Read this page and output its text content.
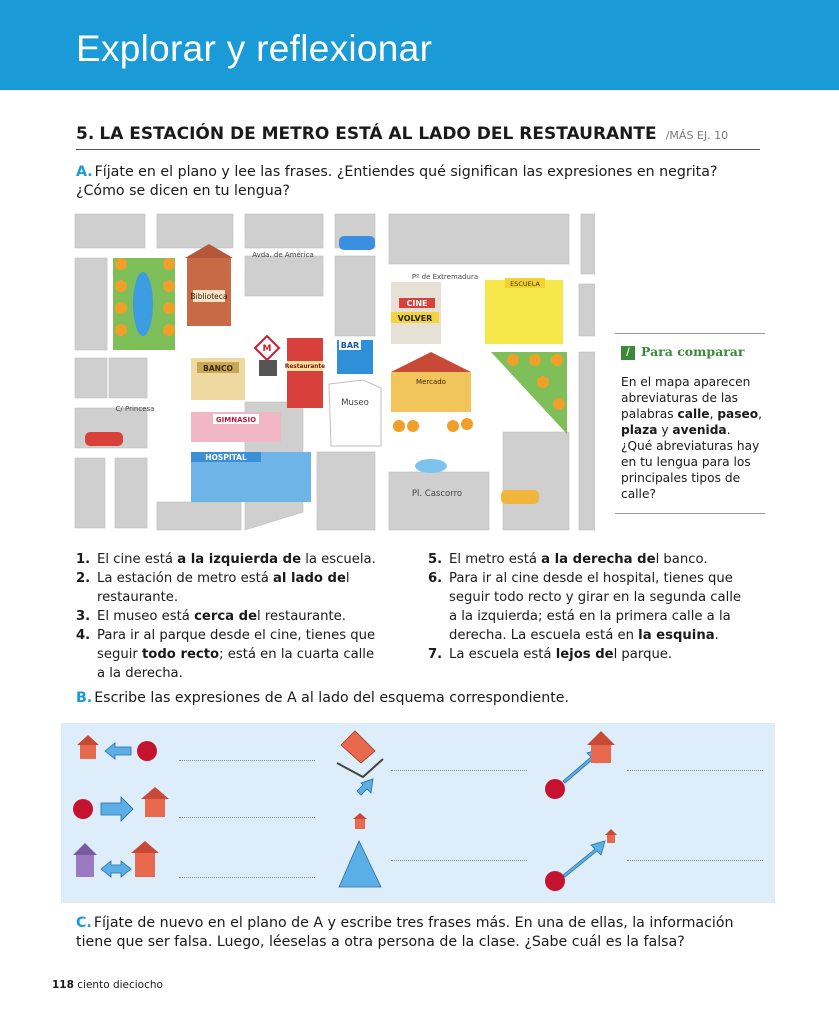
Explorar y reflexionar
5. LA ESTACIÓN DE METRO ESTÁ AL LADO DEL RESTAURANTE /MÁS EJ. 10
A. Fíjate en el plano y lee las frases. ¿Entiendes qué significan las expresiones en negrita?
¿Cómo se dicen en tu lengua?
Biblioteca
BANCO
M
Restaurante
BAR
Museo
GIMNASIO
HOSPITAL
CINE
VOLVER
ESCUELA
Mercado
Avda. de América
Pº de Extremadura
C/ Princesa
Pl. Cascorro
/ Para comparar
En el mapa aparecen
abreviaturas de las
palabras calle, paseo,
plaza y avenida.
¿Qué abreviaturas hay
en tu lengua para los
principales tipos de
calle?
1. El cine está a la izquierda de la escuela.
2. La estación de metro está al lado del
restaurante.
3. El museo está cerca del restaurante.
4. Para ir al parque desde el cine, tienes que
seguir todo recto; está en la cuarta calle
a la derecha.
5. El metro está a la derecha del banco.
6. Para ir al cine desde el hospital, tienes que
seguir todo recto y girar en la segunda calle
a la izquierda; está en la primera calle a la
derecha. La escuela está en la esquina.
7. La escuela está lejos del parque.
B. Escribe las expresiones de A al lado del esquema correspondiente.
C. Fíjate de nuevo en el plano de A y escribe tres frases más. En una de ellas, la información
tiene que ser falsa. Luego, léeselas a otra persona de la clase. ¿Sabe cuál es la falsa?
118 ciento dieciocho
